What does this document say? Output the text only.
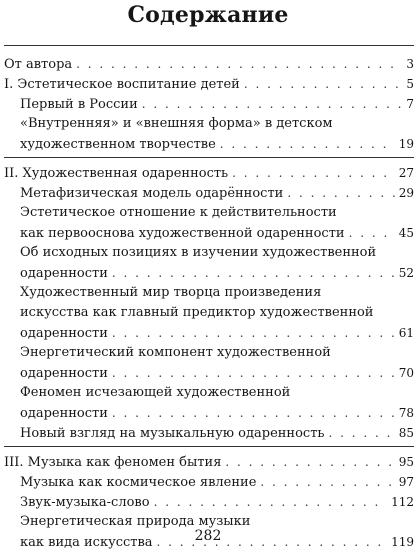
Содержание
От автора . . .	3
I. Эстетическое воспитание детей . . .	5
Первый в России . . .	7
«Внутренняя» и «внешняя форма» в детском
художественном творчестве . . .	19
II. Художественная одаренность . . .	27
Метафизическая модель одарённости . . .	29
Эстетическое отношение к действительности
как первооснова художественной одаренности . . .	45
Об исходных позициях в изучении художественной
одаренности . . .	52
Художественный мир творца произведения
искусства как главный предиктор художественной
одаренности . . .	61
Энергетический компонент художественной
одаренности . . .	70
Феномен исчезающей художественной
одаренности . . .	78
Новый взгляд на музыкальную одаренность . . .	85
III. Музыка как феномен бытия . . .	95
Музыка как космическое явление . . .	97
Звук-музыка-слово . . .	112
Энергетическая природа музыки
как вида искусства . . .	119
282
